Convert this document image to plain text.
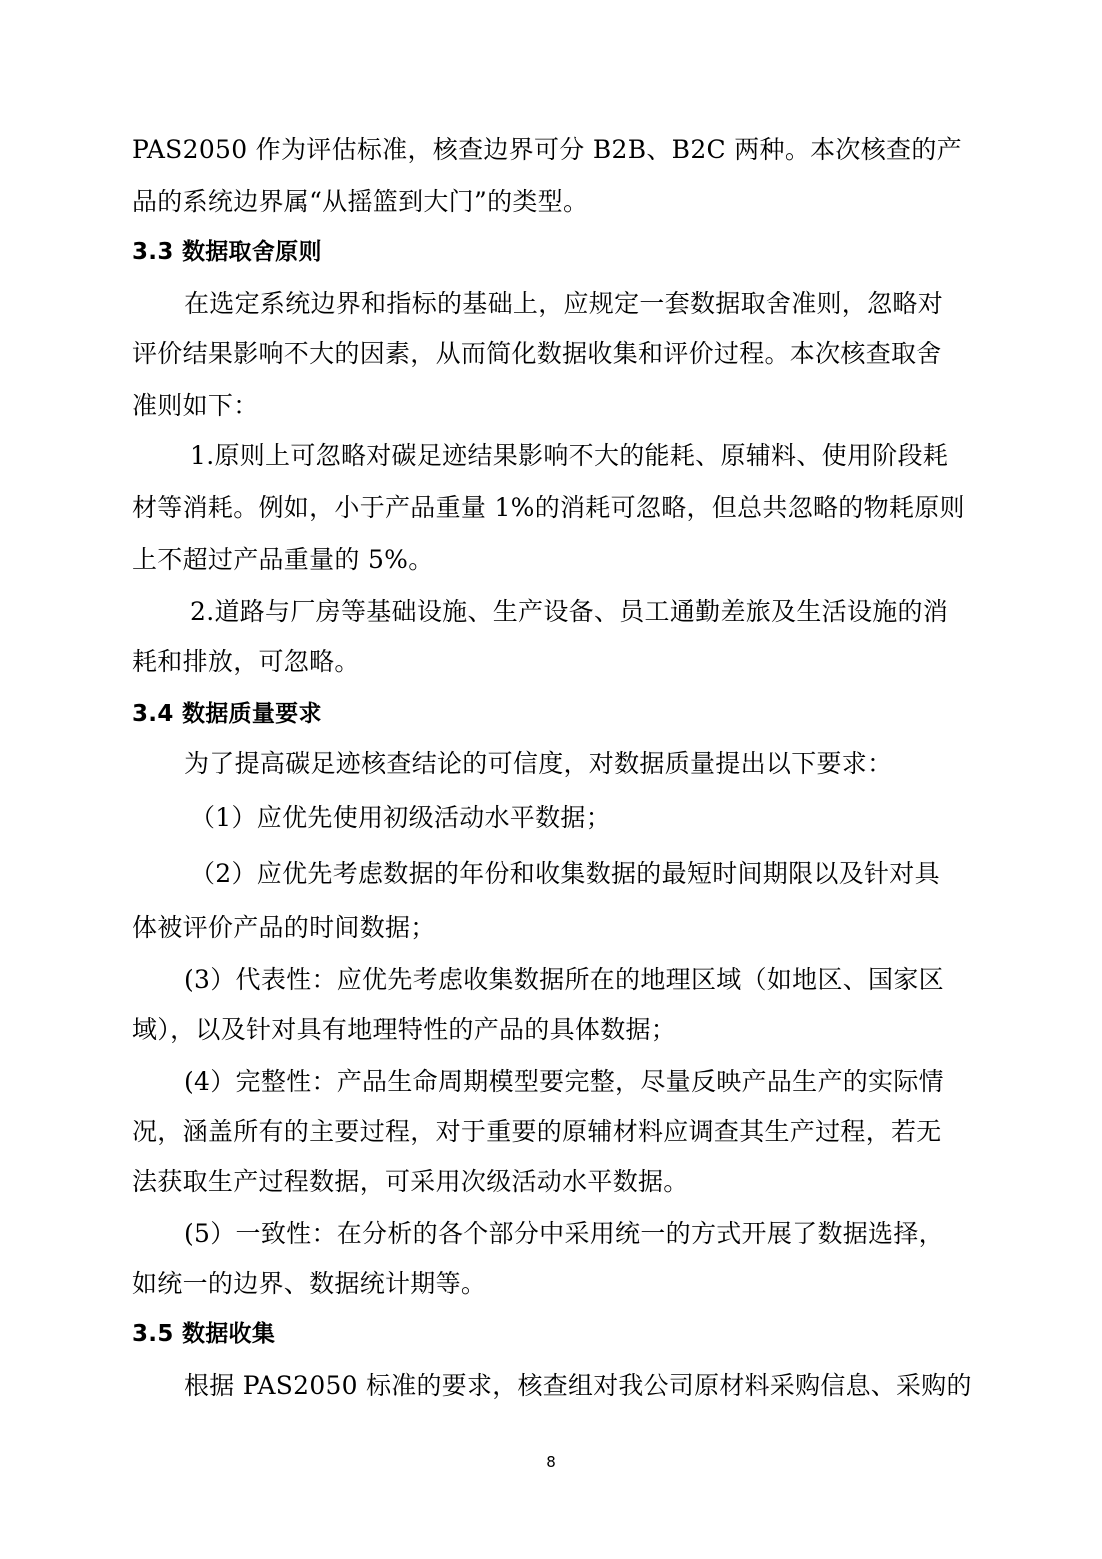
PAS2050 作为评估标准，核查边界可分 B2B、B2C 两种。本次核查的产
品的系统边界属“从摇篮到大门”的类型。
3.3 数据取舍原则
在选定系统边界和指标的基础上，应规定一套数据取舍准则，忽略对
评价结果影响不大的因素，从而简化数据收集和评价过程。本次核查取舍
准则如下：
1.原则上可忽略对碳足迹结果影响不大的能耗、原辅料、使用阶段耗
材等消耗。例如，小于产品重量 1%的消耗可忽略，但总共忽略的物耗原则
上不超过产品重量的 5%。
2.道路与厂房等基础设施、生产设备、员工通勤差旅及生活设施的消
耗和排放，可忽略。
3.4 数据质量要求
为了提高碳足迹核查结论的可信度，对数据质量提出以下要求：
（1）应优先使用初级活动水平数据；
（2）应优先考虑数据的年份和收集数据的最短时间期限以及针对具
体被评价产品的时间数据；
(3）代表性：应优先考虑收集数据所在的地理区域（如地区、国家区
域），以及针对具有地理特性的产品的具体数据；
(4）完整性：产品生命周期模型要完整，尽量反映产品生产的实际情
况，涵盖所有的主要过程，对于重要的原辅材料应调查其生产过程，若无
法获取生产过程数据，可采用次级活动水平数据。
(5）一致性：在分析的各个部分中采用统一的方式开展了数据选择，
如统一的边界、数据统计期等。
3.5 数据收集
根据 PAS2050 标准的要求，核查组对我公司原材料采购信息、采购的
8
